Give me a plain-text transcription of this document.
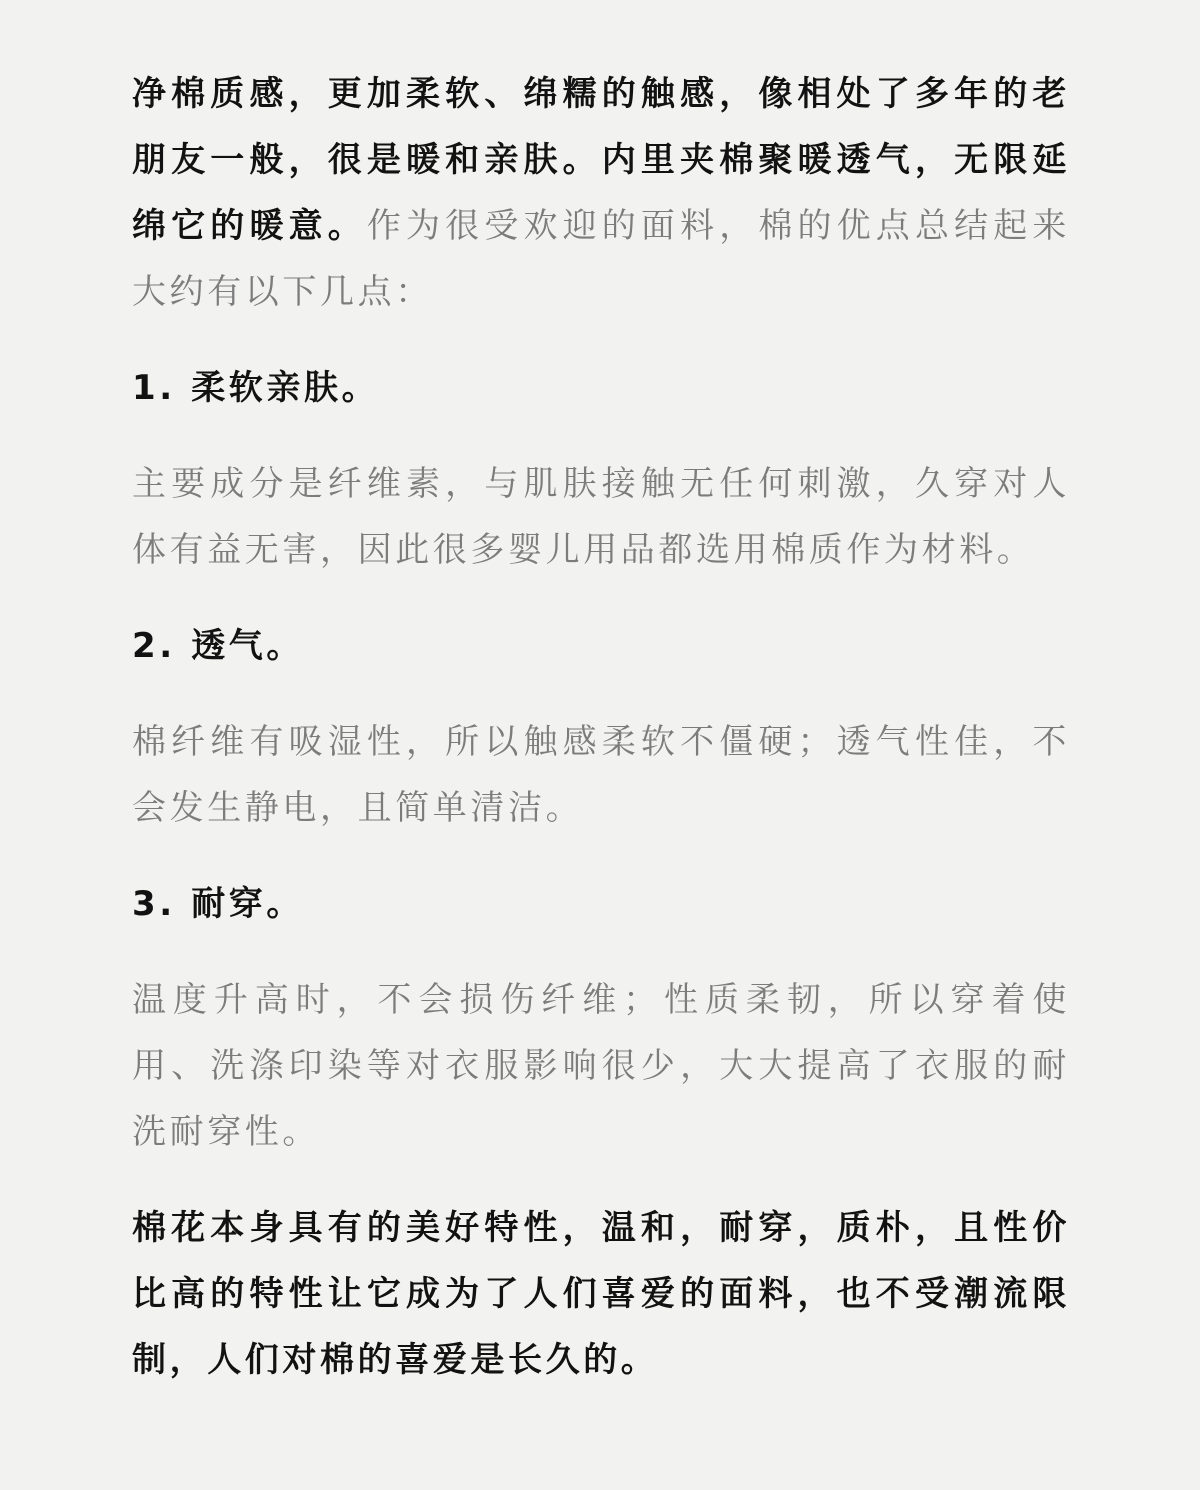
净棉质感，更加柔软、绵糯的触感，像相处了多年的老朋友一般，很是暖和亲肤。内里夹棉聚暖透气，无限延绵它的暖意。作为很受欢迎的面料，棉的优点总结起来大约有以下几点：

1. 柔软亲肤。

主要成分是纤维素，与肌肤接触无任何刺激，久穿对人体有益无害，因此很多婴儿用品都选用棉质作为材料。

2. 透气。

棉纤维有吸湿性，所以触感柔软不僵硬；透气性佳，不会发生静电，且简单清洁。

3. 耐穿。

温度升高时，不会损伤纤维；性质柔韧，所以穿着使用、洗涤印染等对衣服影响很少，大大提高了衣服的耐洗耐穿性。

棉花本身具有的美好特性，温和，耐穿，质朴，且性价比高的特性让它成为了人们喜爱的面料，也不受潮流限制，人们对棉的喜爱是长久的。
